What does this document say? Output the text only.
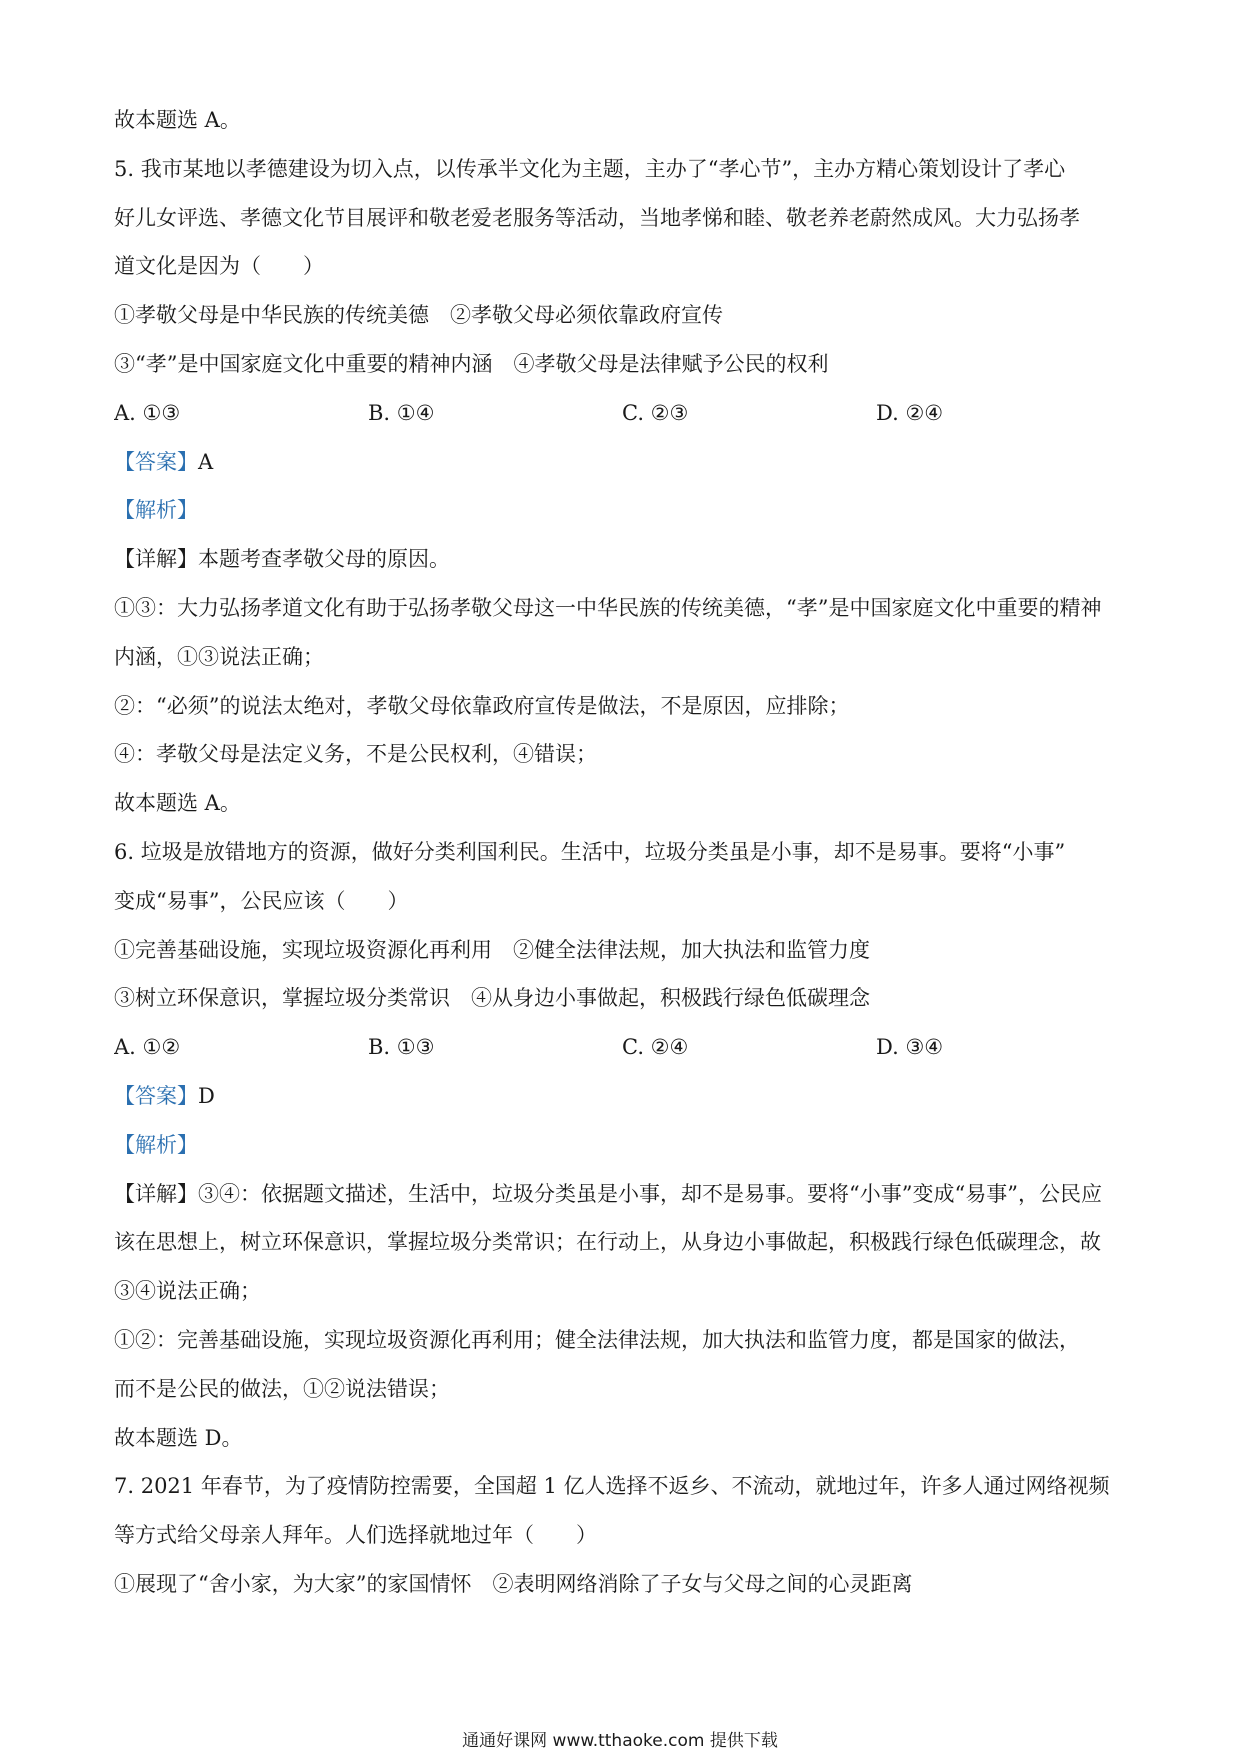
故本题选 A。
5. 我市某地以孝德建设为切入点，以传承半文化为主题，主办了“孝心节”，主办方精心策划设计了孝心
好儿女评选、孝德文化节目展评和敬老爱老服务等活动，当地孝悌和睦、敬老养老蔚然成风。大力弘扬孝
道文化是因为（　　）
①孝敬父母是中华民族的传统美德　②孝敬父母必须依靠政府宣传
③“孝”是中国家庭文化中重要的精神内涵　④孝敬父母是法律赋予公民的权利
A. ①③	B. ①④	C. ②③	D. ②④
【答案】A
【解析】
【详解】本题考查孝敬父母的原因。
①③：大力弘扬孝道文化有助于弘扬孝敬父母这一中华民族的传统美德，“孝”是中国家庭文化中重要的精神
内涵，①③说法正确；
②：“必须”的说法太绝对，孝敬父母依靠政府宣传是做法，不是原因，应排除；
④：孝敬父母是法定义务，不是公民权利，④错误；
故本题选 A。
6. 垃圾是放错地方的资源，做好分类利国利民。生活中，垃圾分类虽是小事，却不是易事。要将“小事”
变成“易事”，公民应该（　　）
①完善基础设施，实现垃圾资源化再利用　②健全法律法规，加大执法和监管力度
③树立环保意识，掌握垃圾分类常识　④从身边小事做起，积极践行绿色低碳理念
A. ①②	B. ①③	C. ②④	D. ③④
【答案】D
【解析】
【详解】③④：依据题文描述，生活中，垃圾分类虽是小事，却不是易事。要将“小事”变成“易事”，公民应
该在思想上，树立环保意识，掌握垃圾分类常识；在行动上，从身边小事做起，积极践行绿色低碳理念，故
③④说法正确；
①②：完善基础设施，实现垃圾资源化再利用；健全法律法规，加大执法和监管力度，都是国家的做法，
而不是公民的做法，①②说法错误；
故本题选 D。
7. 2021 年春节，为了疫情防控需要，全国超 1 亿人选择不返乡、不流动，就地过年，许多人通过网络视频
等方式给父母亲人拜年。人们选择就地过年（　　）
①展现了“舍小家，为大家”的家国情怀　②表明网络消除了子女与父母之间的心灵距离
通通好课网 www.tthaoke.com 提供下载
